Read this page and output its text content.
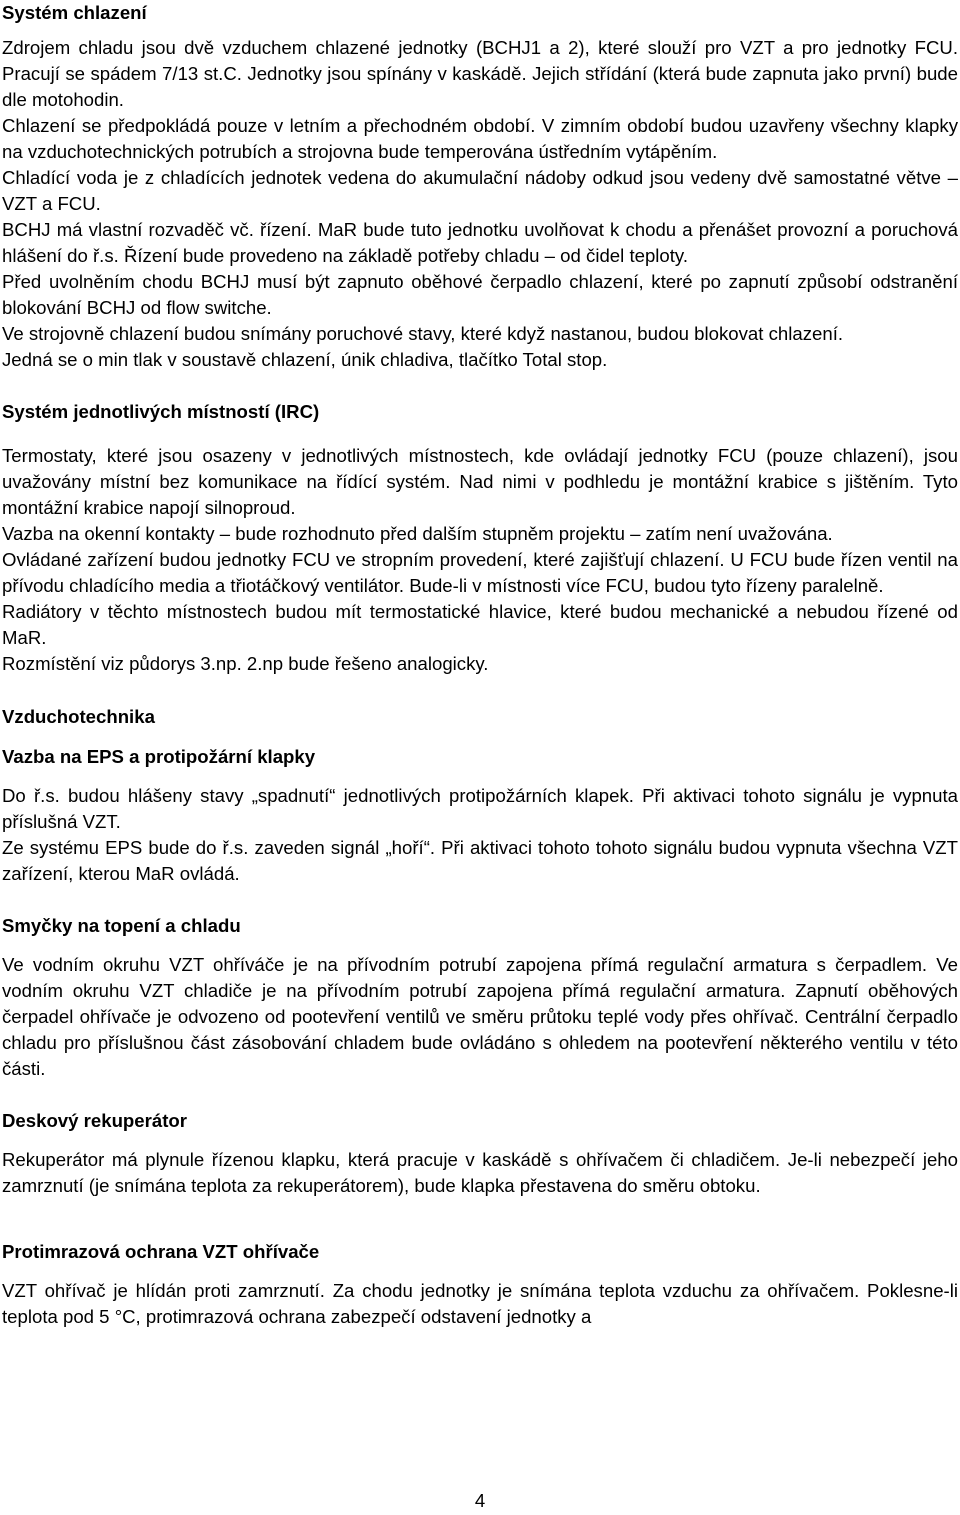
Systém chlazení

Zdrojem chladu jsou dvě vzduchem chlazené jednotky (BCHJ1 a 2), které slouží pro VZT a pro jednotky FCU. Pracují se spádem 7/13 st.C. Jednotky jsou spínány v kaskádě. Jejich střídání (která bude zapnuta jako první) bude dle motohodin.

Chlazení se předpokládá pouze v letním a přechodném období. V zimním období budou uzavřeny všechny klapky na vzduchotechnických potrubích a strojovna bude temperována ústředním vytápěním.

Chladící voda je z chladících jednotek vedena do akumulační nádoby odkud jsou vedeny dvě samostatné větve – VZT a FCU.

BCHJ má vlastní rozvaděč vč. řízení. MaR bude tuto jednotku uvolňovat k chodu a přenášet provozní a poruchová hlášení do ř.s. Řízení bude provedeno na základě potřeby chladu – od čidel teploty.

Před uvolněním chodu BCHJ musí být zapnuto oběhové čerpadlo chlazení, které po zapnutí způsobí odstranění blokování BCHJ od flow switche.

Ve strojovně chlazení budou snímány poruchové stavy, které když nastanou, budou blokovat chlazení.

Jedná se o min tlak v soustavě chlazení, únik chladiva, tlačítko Total stop.

Systém jednotlivých místností (IRC)

Termostaty, které jsou osazeny v jednotlivých místnostech, kde ovládají jednotky FCU (pouze chlazení), jsou uvažovány místní bez komunikace na řídící systém. Nad nimi v podhledu je montážní krabice s jištěním. Tyto montážní krabice napojí silnoproud.

Vazba na okenní kontakty – bude rozhodnuto před dalším stupněm projektu – zatím není uvažována.

Ovládané zařízení budou jednotky FCU ve stropním provedení, které zajišťují chlazení. U FCU bude řízen ventil na přívodu chladícího media a třiotáčkový ventilátor. Bude-li v místnosti více FCU, budou tyto řízeny paralelně.

Radiátory v těchto místnostech budou mít termostatické hlavice, které budou mechanické a nebudou řízené od MaR.

Rozmístění viz půdorys 3.np. 2.np bude řešeno analogicky.

Vzduchotechnika
Vazba na EPS a protipožární klapky

Do ř.s. budou hlášeny stavy „spadnutí“ jednotlivých protipožárních klapek. Při aktivaci tohoto signálu je vypnuta příslušná VZT.

Ze systému EPS bude do ř.s. zaveden signál „hoří“. Při aktivaci tohoto tohoto signálu budou vypnuta všechna VZT zařízení, kterou MaR ovládá.

Smyčky na topení a chladu

Ve vodním okruhu VZT ohříváče je na přívodním potrubí zapojena přímá regulační armatura s čerpadlem. Ve vodním okruhu VZT chladiče je na přívodním potrubí zapojena přímá regulační armatura. Zapnutí oběhových čerpadel ohřívače je odvozeno od pootevření ventilů ve směru průtoku teplé vody přes ohřívač. Centrální čerpadlo chladu pro příslušnou část zásobování chladem bude ovládáno s ohledem na pootevření některého ventilu v této části.

Deskový rekuperátor

Rekuperátor má plynule řízenou klapku, která pracuje v kaskádě s ohřívačem či chladičem. Je-li nebezpečí jeho zamrznutí (je snímána teplota za rekuperátorem), bude klapka přestavena do směru obtoku.

Protimrazová ochrana VZT ohřívače

VZT ohřívač je hlídán proti zamrznutí. Za chodu jednotky je snímána teplota vzduchu za ohřívačem. Poklesne-li teplota pod 5 °C, protimrazová ochrana zabezpečí odstavení jednotky a

4
